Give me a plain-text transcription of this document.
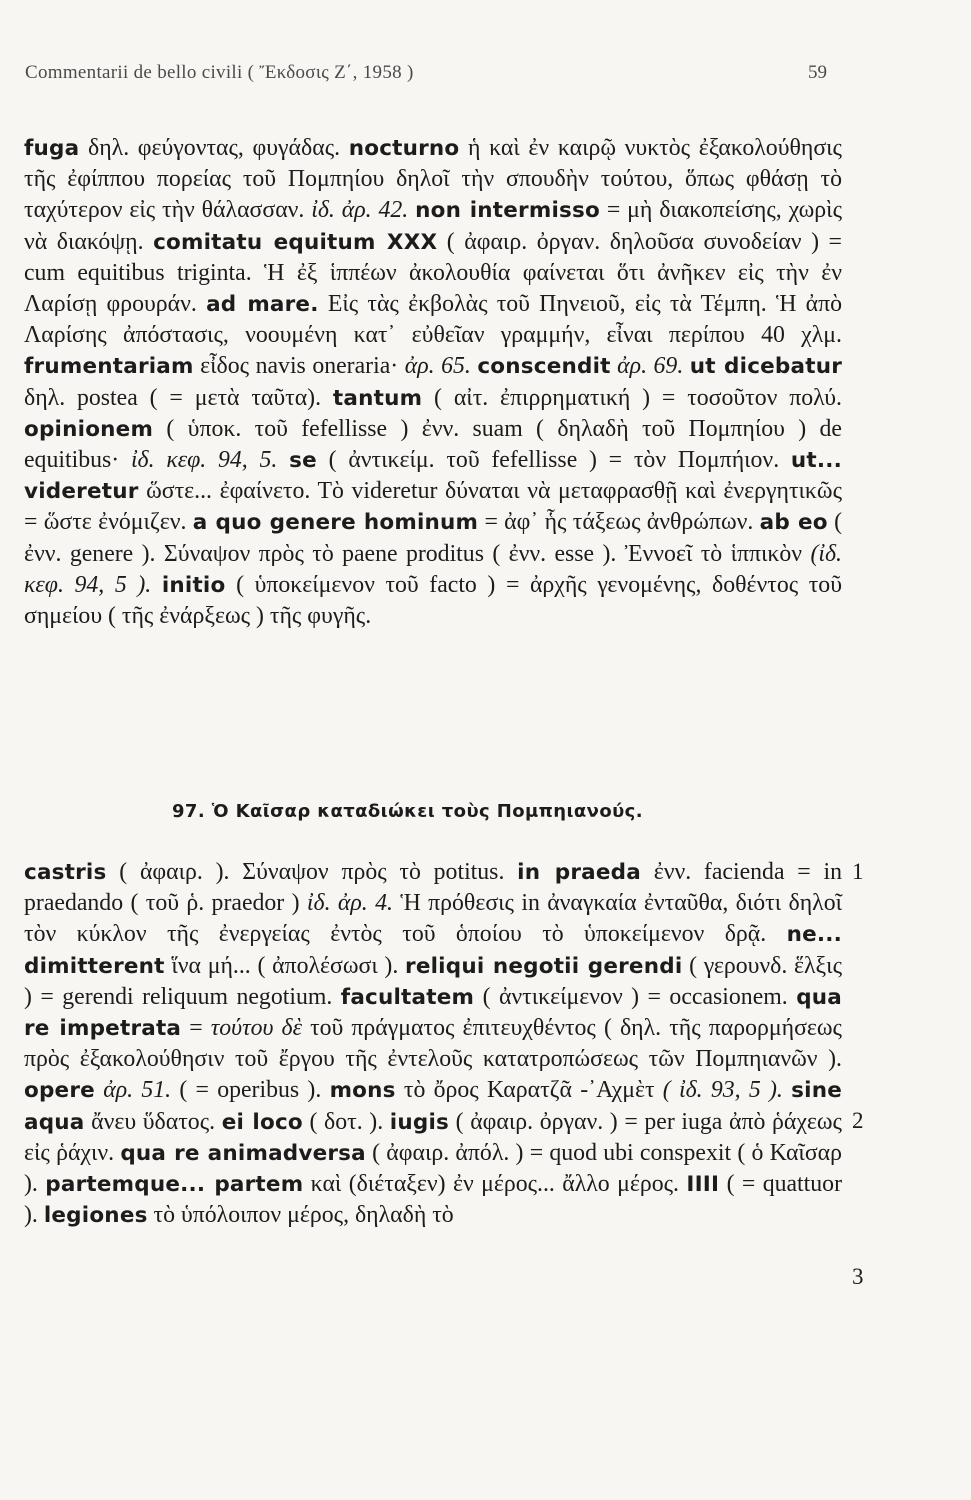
Commentarii de bello civili ( Ἔκδοσις Ζ΄, 1958 )	59
fuga δηλ. φεύγοντας, φυγάδας. nocturno ἡ καὶ ἐν καιρῷ νυκτὸς ἐξακολούθησις τῆς ἐφίππου πορείας τοῦ Πομπηίου δηλοῖ τὴν σπουδὴν τούτου, ὅπως φθάσῃ τὸ ταχύτερον εἰς τὴν θάλασσαν. ἰδ. ἀρ. 42. non intermisso = μὴ διακοπείσης, χωρὶς νὰ διακόψῃ. comitatu equitum XXX ( ἀφαιρ. ὀργαν. δηλοῦσα συνοδείαν ) = cum equitibus triginta. Ἡ ἐξ ἱππέων ἀκολουθία φαίνεται ὅτι ἀνῆκεν εἰς τὴν ἐν Λαρίσῃ φρουράν. ad mare. Εἰς τὰς ἐκβολὰς τοῦ Πηνειοῦ, εἰς τὰ Τέμπη. Ἡ ἀπὸ Λαρίσης ἀπόστασις, νοουμένη κατ᾽ εὐθεῖαν γραμμήν, εἶναι περίπου 40 χλμ. frumentariam εἶδος navis oneraria· ἀρ. 65. conscendit ἀρ. 69. ut dicebatur δηλ. postea ( = μετὰ ταῦτα). tantum ( αἰτ. ἐπιρρηματική ) = τοσοῦτον πολύ. opinionem ( ὑποκ. τοῦ fefellisse ) ἐνν. suam ( δηλαδὴ τοῦ Πομπηίου ) de equitibus· ἰδ. κεφ. 94, 5. se ( ἀντικείμ. τοῦ fefellisse ) = τὸν Πομπήιον. ut... videretur ὥστε... ἐφαίνετο. Τὸ videretur δύναται νὰ μεταφρασθῇ καὶ ἐνεργητικῶς = ὥστε ἐνόμιζεν. a quo genere hominum = ἀφ᾽ ἧς τάξεως ἀνθρώπων. ab eo ( ἐνν. genere ). Σύναψον πρὸς τὸ paene proditus ( ἐνν. esse ). Ἐννοεῖ τὸ ἱππικὸν (ἰδ. κεφ. 94, 5 ). initio ( ὑποκείμενον τοῦ facto ) = ἀρχῆς γενομένης, δοθέντος τοῦ σημείου ( τῆς ἐνάρξεως ) τῆς φυγῆς.
97. Ὁ Καῖσαρ καταδιώκει τοὺς Πομπηιανούς.
castris ( ἀφαιρ. ). Σύναψον πρὸς τὸ potitus. in praeda ἐνν. facienda = in praedando ( τοῦ ῥ. praedor ) ἰδ. ἀρ. 4. Ἡ πρόθεσις in ἀναγκαία ἐνταῦθα, διότι δηλοῖ τὸν κύκλον τῆς ἐνεργείας ἐντὸς τοῦ ὁποίου τὸ ὑποκείμενον δρᾷ. ne... dimitterent ἵνα μή... ( ἀπολέσωσι ). reliqui negotii gerendi ( γερουνδ. ἕλξις ) = gerendi reliquum negotium. facultatem ( ἀντικείμενον ) = occasionem. qua re impetrata = τούτου δὲ τοῦ πράγματος ἐπιτευχθέντος ( δηλ. τῆς παρορμήσεως πρὸς ἐξακολούθησιν τοῦ ἔργου τῆς ἐντελοῦς κατατροπώσεως τῶν Πομπηιανῶν ). opere ἀρ. 51. ( = operibus ). mons τὸ ὄρος Καρατζᾶ -᾽Αχμὲτ ( ἰδ. 93, 5 ). sine aqua ἄνευ ὕδατος. ei loco ( δοτ. ). iugis ( ἀφαιρ. ὀργαν. ) = per iuga ἀπὸ ῥάχεως εἰς ῥάχιν. qua re animadversa ( ἀφαιρ. ἀπόλ. ) = quod ubi conspexit ( ὁ Καῖσαρ ). partemque... partem καὶ (διέταξεν) ἐν μέρος... ἄλλο μέρος. IIII ( = quattuor ). legiones τὸ ὑπόλοιπον μέρος, δηλαδὴ τὸ
1
2
3
